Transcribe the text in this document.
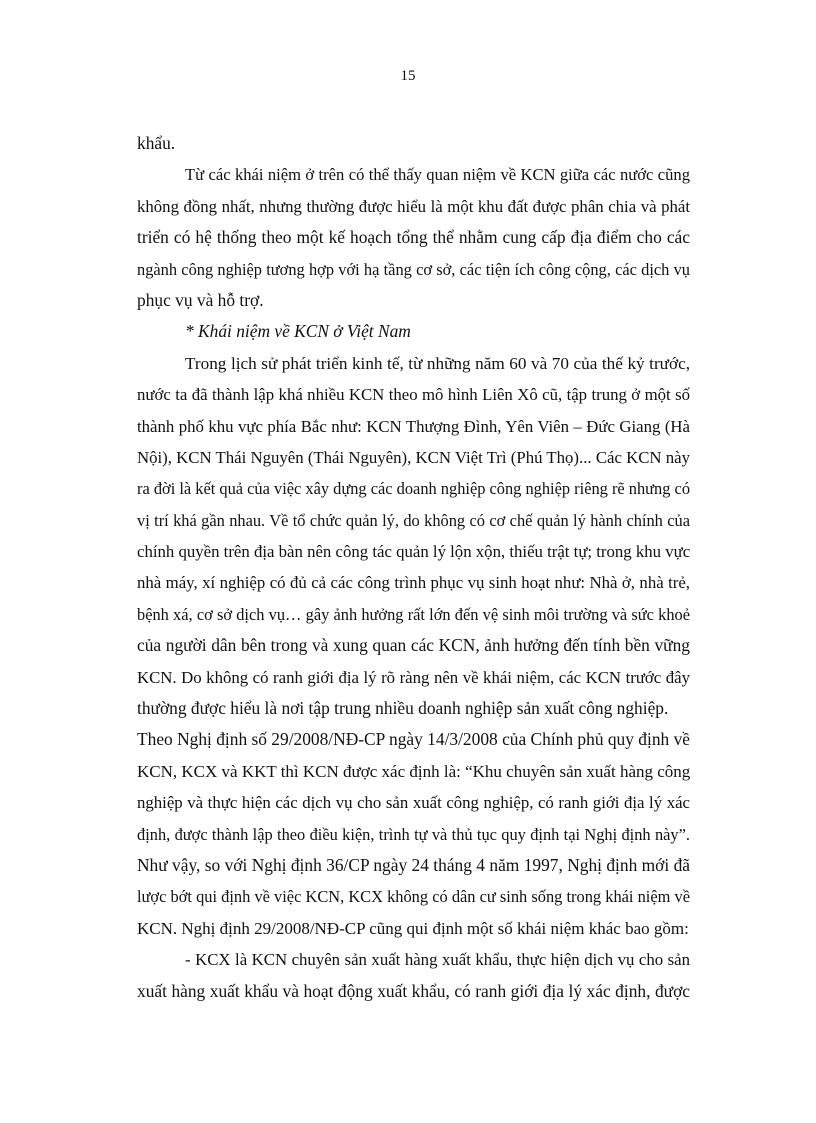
15
khẩu.
Từ các khái niệm ở trên có thể thấy quan niệm về KCN giữa các nước cũng
không đồng nhất, nhưng thường được hiểu là một khu đất được phân chia và phát
triển có hệ thống theo một kế hoạch tổng thể nhằm cung cấp địa điểm cho các
ngành công nghiệp tương hợp với hạ tầng cơ sở, các tiện ích công cộng, các dịch vụ
phục vụ và hỗ trợ.
* Khái niệm về KCN ở Việt Nam
Trong lịch sử phát triển kinh tế, từ những năm 60 và 70 của thế kỷ trước,
nước ta đã thành lập khá nhiều KCN theo mô hình Liên Xô cũ, tập trung ở một số
thành phố khu vực phía Bắc như: KCN Thượng Đình, Yên Viên – Đức Giang (Hà
Nội), KCN Thái Nguyên (Thái Nguyên), KCN Việt Trì (Phú Thọ)... Các KCN này
ra đời là kết quả của việc xây dựng các doanh nghiệp công nghiệp riêng rẽ nhưng có
vị trí khá gần nhau. Về tổ chức quản lý, do không có cơ chế quản lý hành chính của
chính quyền trên địa bàn nên công tác quản lý lộn xộn, thiếu trật tự; trong khu vực
nhà máy, xí nghiệp có đủ cả các công trình phục vụ sinh hoạt như: Nhà ở, nhà trẻ,
bệnh xá, cơ sở dịch vụ… gây ảnh hưởng rất lớn đến vệ sinh môi trường và sức khoẻ
của người dân bên trong và xung quan các KCN, ảnh hưởng đến tính bền vững
KCN. Do không có ranh giới địa lý rõ ràng nên về khái niệm, các KCN trước đây
thường được hiểu là nơi tập trung nhiều doanh nghiệp sản xuất công nghiệp.
Theo Nghị định số 29/2008/NĐ-CP ngày 14/3/2008 của Chính phủ quy định về
KCN, KCX và KKT thì KCN được xác định là: “Khu chuyên sản xuất hàng công
nghiệp và thực hiện các dịch vụ cho sản xuất công nghiệp, có ranh giới địa lý xác
định, được thành lập theo điều kiện, trình tự và thủ tục quy định tại Nghị định này”.
Như vậy, so với Nghị định 36/CP ngày 24 tháng 4 năm 1997, Nghị định mới đã
lược bớt qui định về việc KCN, KCX không có dân cư sinh sống trong khái niệm về
KCN. Nghị định 29/2008/NĐ-CP cũng qui định một số khái niệm khác bao gồm:
- KCX là KCN chuyên sản xuất hàng xuất khẩu, thực hiện dịch vụ cho sản
xuất hàng xuất khẩu và hoạt động xuất khẩu, có ranh giới địa lý xác định, được
